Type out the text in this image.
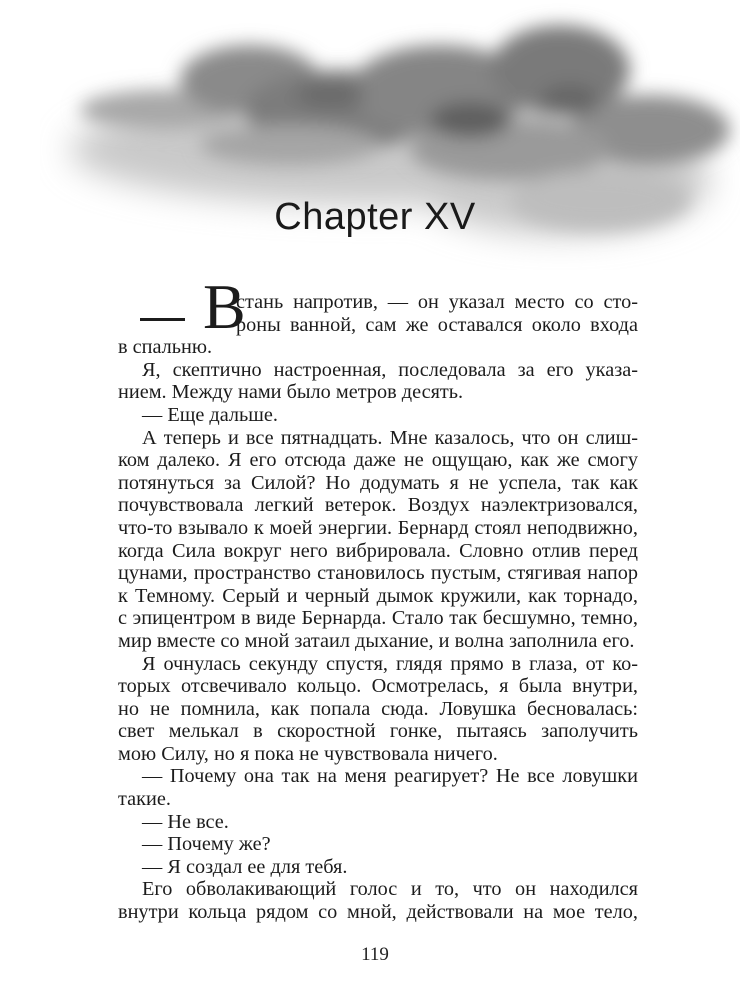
Chapter XV
В
стань напротив, — он указал место со сто-
роны ванной, сам же оставался около входа
в спальню.
Я, скептично настроенная, последовала за его указа-
нием. Между нами было метров десять.
— Еще дальше.
А теперь и все пятнадцать. Мне казалось, что он слиш-
ком далеко. Я его отсюда даже не ощущаю, как же смогу
потянуться за Силой? Но додумать я не успела, так как
почувствовала легкий ветерок. Воздух наэлектризовался,
что-то взывало к моей энергии. Бернард стоял неподвижно,
когда Сила вокруг него вибрировала. Словно отлив перед
цунами, пространство становилось пустым, стягивая напор
к Темному. Серый и черный дымок кружили, как торнадо,
с эпицентром в виде Бернарда. Стало так бесшумно, темно,
мир вместе со мной затаил дыхание, и волна заполнила его.
Я очнулась секунду спустя, глядя прямо в глаза, от ко-
торых отсвечивало кольцо. Осмотрелась, я была внутри,
но не помнила, как попала сюда. Ловушка бесновалась:
свет мелькал в скоростной гонке, пытаясь заполучить
мою Силу, но я пока не чувствовала ничего.
— Почему она так на меня реагирует? Не все ловушки
такие.
— Не все.
— Почему же?
— Я создал ее для тебя.
Его обволакивающий голос и то, что он находился
внутри кольца рядом со мной, действовали на мое тело,
119
